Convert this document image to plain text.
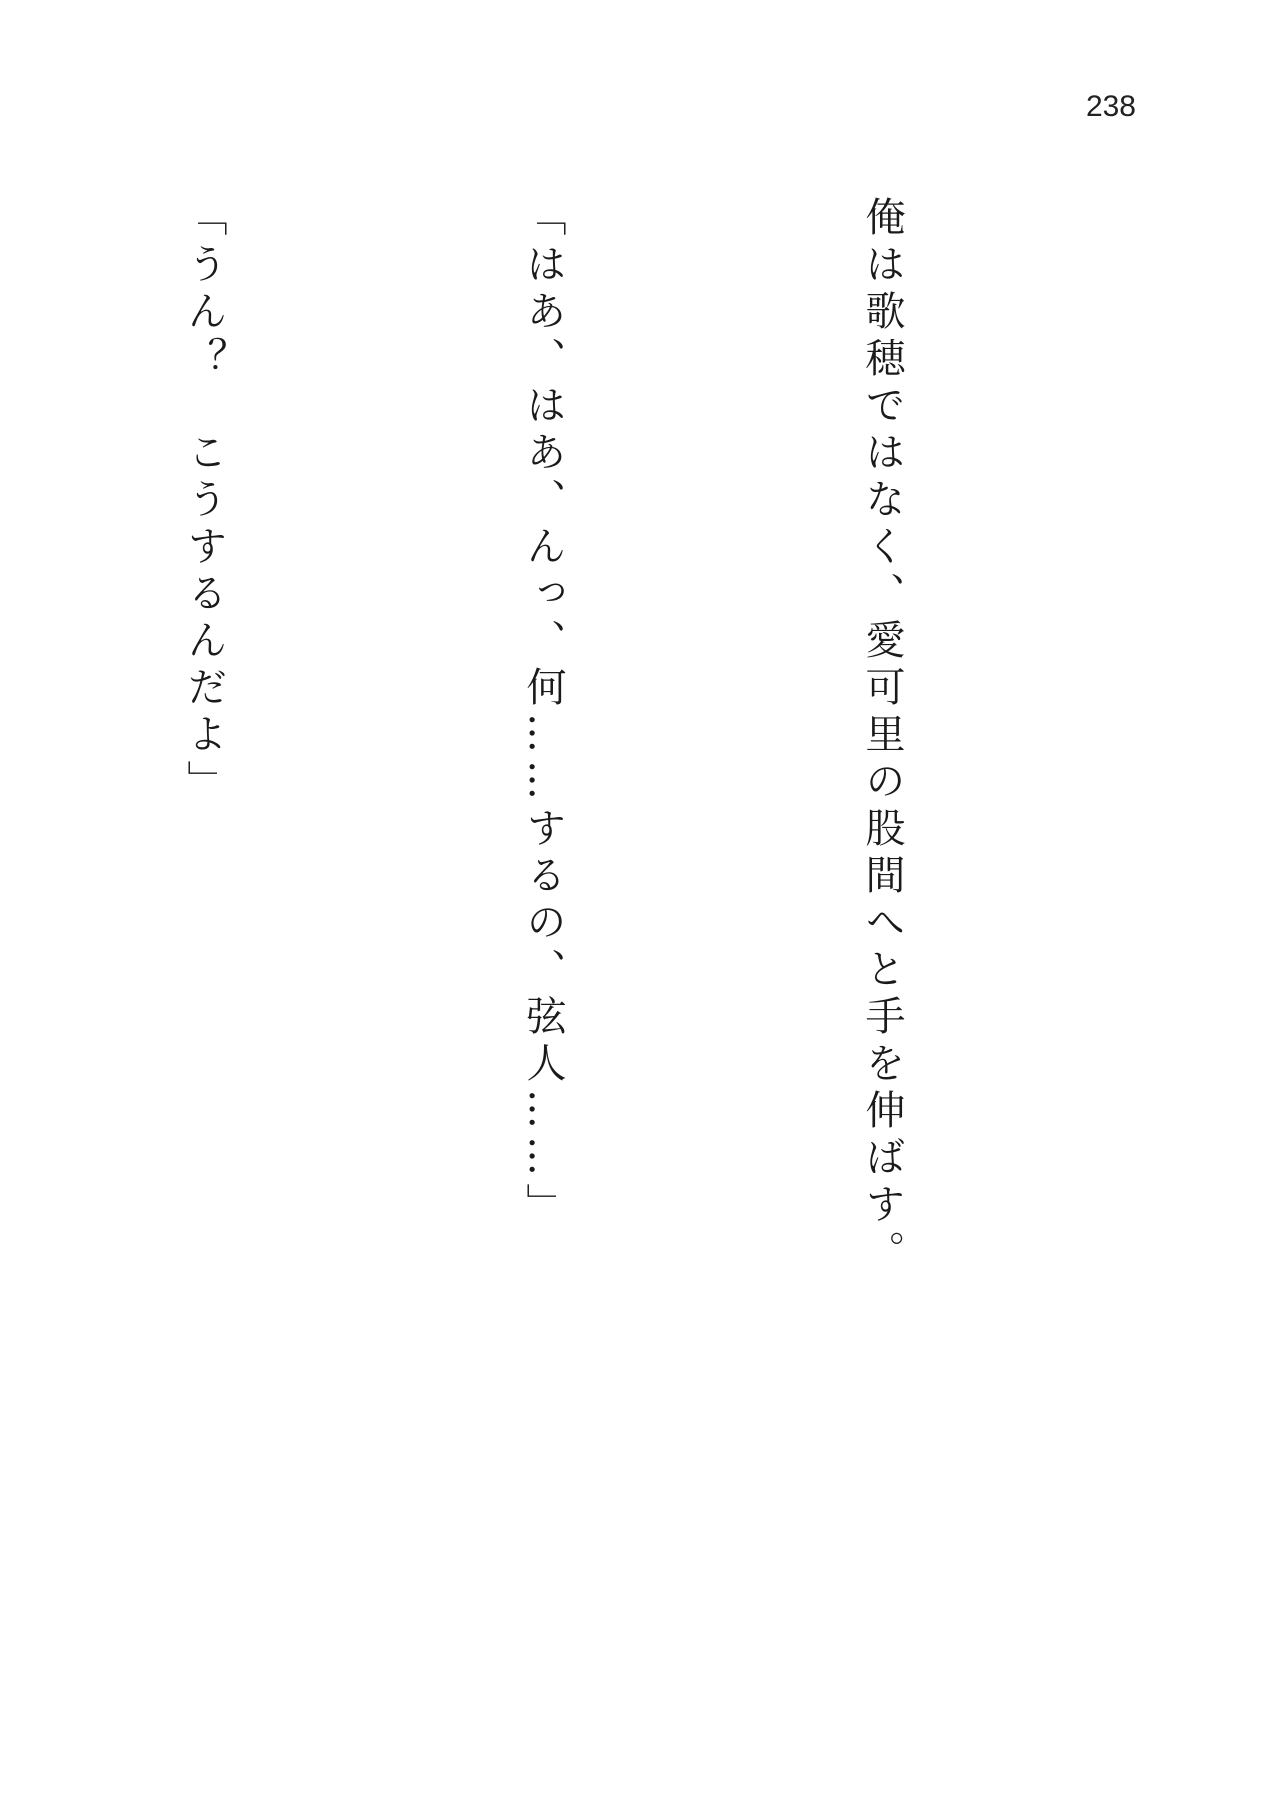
238

俺は歌穂ではなく、愛可里の股間へと手を伸ばす。

「はあ、はあ、んっ、何……するの、弦人……」

「うん？　こうするんだよ」
